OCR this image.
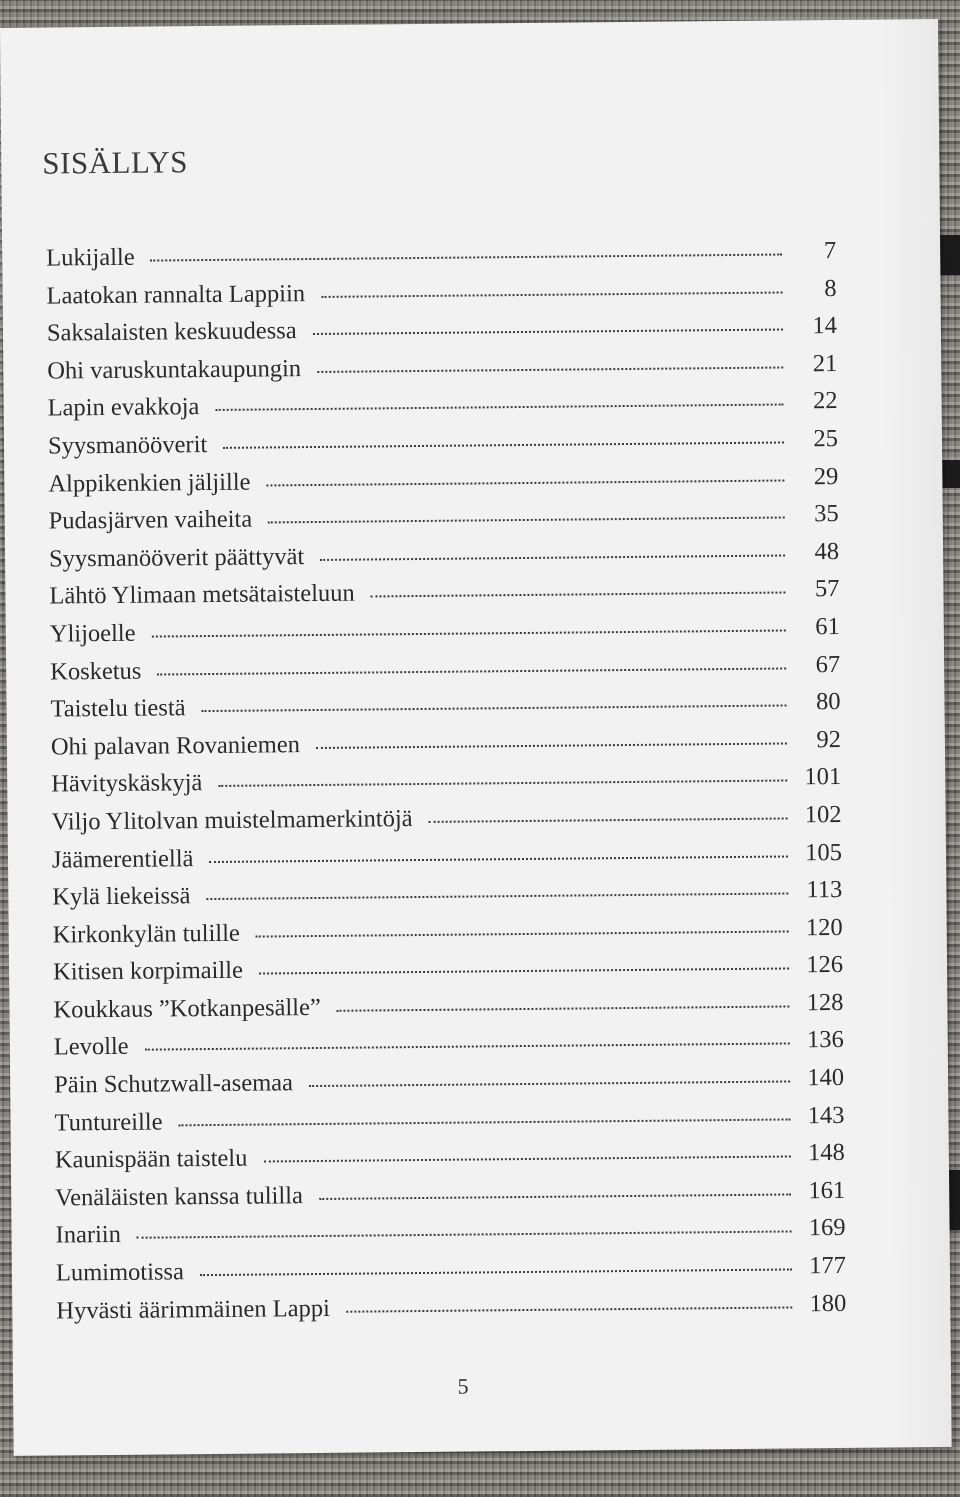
SISÄLLYS
Lukijalle	7
Laatokan rannalta Lappiin	8
Saksalaisten keskuudessa	14
Ohi varuskuntakaupungin	21
Lapin evakkoja	22
Syysmanööverit	25
Alppikenkien jäljille	29
Pudasjärven vaiheita	35
Syysmanööverit päättyvät	48
Lähtö Ylimaan metsätaisteluun	57
Ylijoelle	61
Kosketus	67
Taistelu tiestä	80
Ohi palavan Rovaniemen	92
Hävityskäskyjä	101
Viljo Ylitolvan muistelmamerkintöjä	102
Jäämerentiellä	105
Kylä liekeissä	113
Kirkonkylän tulille	120
Kitisen korpimaille	126
Koukkaus ”Kotkanpesälle”	128
Levolle	136
Päin Schutzwall-asemaa	140
Tuntureille	143
Kaunispään taistelu	148
Venäläisten kanssa tulilla	161
Inariin	169
Lumimotissa	177
Hyvästi äärimmäinen Lappi	180
5
